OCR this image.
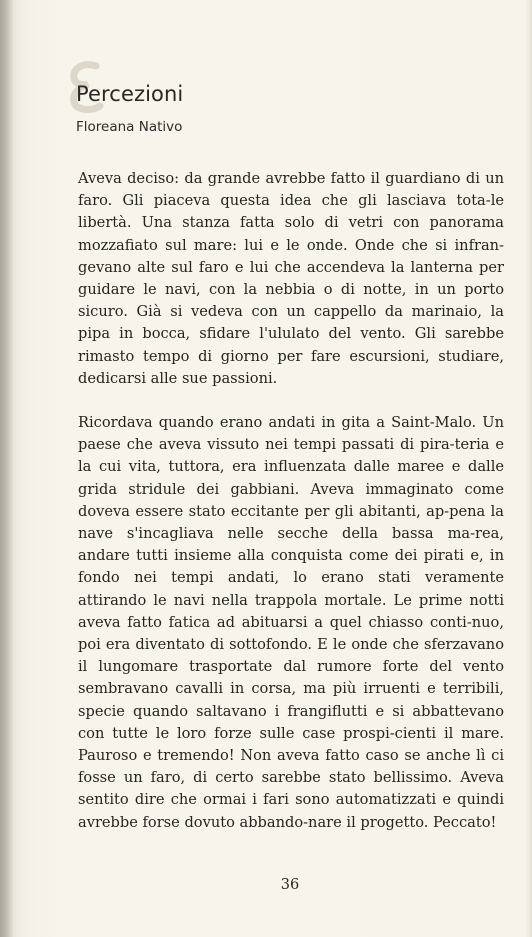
Percezioni
Floreana Nativo

Aveva deciso: da grande avrebbe fatto il guardiano di un faro. Gli piaceva questa idea che gli lasciava tota-le libertà. Una stanza fatta solo di vetri con panorama mozzafiato sul mare: lui e le onde. Onde che si infran-gevano alte sul faro e lui che accendeva la lanterna per guidare le navi, con la nebbia o di notte, in un porto sicuro. Già si vedeva con un cappello da marinaio, la pipa in bocca, sfidare l'ululato del vento. Gli sarebbe rimasto tempo di giorno per fare escursioni, studiare, dedicarsi alle sue passioni.

Ricordava quando erano andati in gita a Saint-Malo. Un paese che aveva vissuto nei tempi passati di pira-teria e la cui vita, tuttora, era influenzata dalle maree e dalle grida stridule dei gabbiani. Aveva immaginato come doveva essere stato eccitante per gli abitanti, ap-pena la nave s'incagliava nelle secche della bassa ma-rea, andare tutti insieme alla conquista come dei pirati e, in fondo nei tempi andati, lo erano stati veramente attirando le navi nella trappola mortale. Le prime notti aveva fatto fatica ad abituarsi a quel chiasso conti-nuo, poi era diventato di sottofondo. E le onde che sferzavano il lungomare trasportate dal rumore forte del vento sembravano cavalli in corsa, ma più irruenti e terribili, specie quando saltavano i frangiflutti e si abbattevano con tutte le loro forze sulle case prospi-cienti il mare. Pauroso e tremendo! Non aveva fatto caso se anche lì ci fosse un faro, di certo sarebbe stato bellissimo. Aveva sentito dire che ormai i fari sono automatizzati e quindi avrebbe forse dovuto abbando-nare il progetto. Peccato!

36
